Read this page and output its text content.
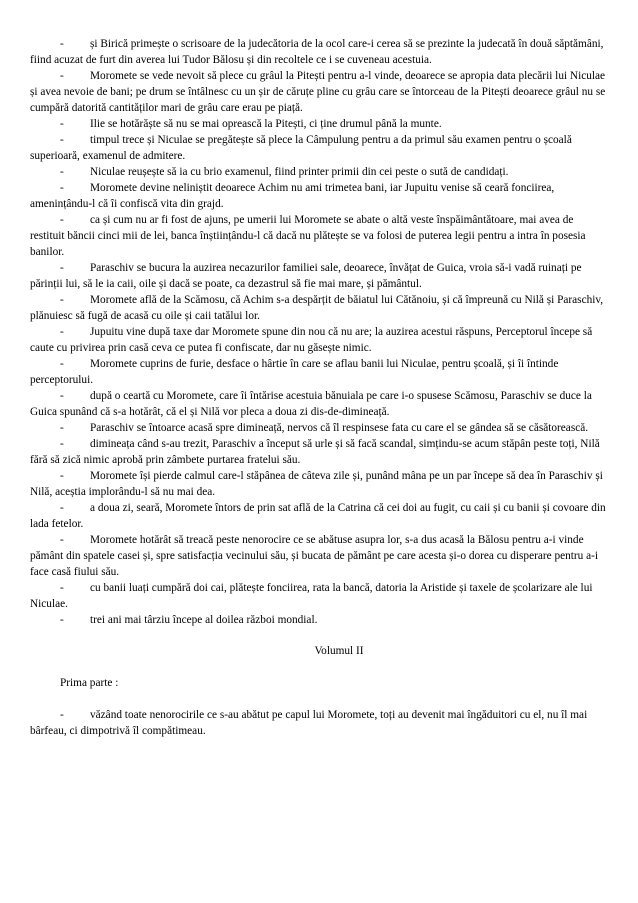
- și Birică primește o scrisoare de la judecătoria de la ocol care-i cerea să se prezinte la judecată în două săptămâni, fiind acuzat de furt din averea lui Tudor Bălosu și din recoltele ce i se cuveneau acestuia.

- Moromete se vede nevoit să plece cu grâul la Pitești pentru a-l vinde, deoarece se apropia data plecării lui Niculae și avea nevoie de bani; pe drum se întâlnesc cu un șir de căruțe pline cu grâu care se întorceau de la Pitești deoarece grâul nu se cumpără datorită cantităților mari de grâu care erau pe piață.

- Ilie se hotărăște să nu se mai oprească la Pitești, ci ține drumul până la munte.

- timpul trece și Niculae se pregătește să plece la Câmpulung pentru a da primul său examen pentru o școală superioară, examenul de admitere.

- Niculae reușește să ia cu brio examenul, fiind printer primii din cei peste o sută de candidați.

- Moromete devine neliniștit deoarece Achim nu ami trimetea bani, iar Jupuitu venise să ceară fonciirea, amenințându-l că îi confiscă vita din grajd.

- ca și cum nu ar fi fost de ajuns, pe umerii lui Moromete se abate o altă veste înspăimântătoare, mai avea de restituit băncii cinci mii de lei, banca înștiințându-l că dacă nu plătește se va folosi de puterea legii pentru a intra în posesia banilor.

- Paraschiv se bucura la auzirea necazurilor familiei sale, deoarece, învățat de Guica, vroia să-i vadă ruinați pe părinții lui, să le ia caii, oile și dacă se poate, ca dezastrul să fie mai mare, și pământul.

- Moromete află de la Scămosu, că Achim s-a despărțit de băiatul lui Cătănoiu, și că împreună cu Nilă și Paraschiv, plănuiesc să fugă de acasă cu oile și caii tatălui lor.

- Jupuitu vine după taxe dar Moromete spune din nou că nu are; la auzirea acestui răspuns, Perceptorul începe să caute cu privirea prin casă ceva ce putea fi confiscate, dar nu găsește nimic.

- Moromete cuprins de furie, desface o hârtie în care se aflau banii lui Niculae, pentru școală, și îi întinde perceptorului.

- după o ceartă cu Moromete, care îi întărise acestuia bănuiala pe care i-o spusese Scămosu, Paraschiv se duce la Guica spunând că s-a hotărât, că el și Nilă vor pleca a doua zi dis-de-dimineață.

- Paraschiv se întoarce acasă spre dimineață, nervos că îl respinsese fata cu care el se gândea să se căsătorească.

- dimineața când s-au trezit, Paraschiv a început să urle și să facă scandal, simțindu-se acum stăpân peste toți, Nilă fără să zică nimic aprobă prin zâmbete purtarea fratelui său.

- Moromete își pierde calmul care-l stăpânea de câteva zile și, punând mâna pe un par începe să dea în Paraschiv și Nilă, aceștia implorându-l să nu mai dea.

- a doua zi, seară, Moromete întors de prin sat află de la Catrina că cei doi au fugit, cu caii și cu banii și covoare din lada fetelor.

- Moromete hotărât să treacă peste nenorocire ce se abătuse asupra lor, s-a dus acasă la Bălosu pentru a-i vinde pământ din spatele casei și, spre satisfacția vecinului său, și bucata de pământ pe care acesta și-o dorea cu disperare pentru a-i face casă fiului său.

- cu banii luați cumpără doi cai, plătește fonciirea, rata la bancă, datoria la Aristide și taxele de școlarizare ale lui Niculae.

- trei ani mai târziu începe al doilea război mondial.

Volumul II
Prima parte :

- văzând toate nenorocirile ce s-au abătut pe capul lui Moromete, toți au devenit mai îngăduitori cu el, nu îl mai bârfeau, ci dimpotrivă îl compătimeau.
